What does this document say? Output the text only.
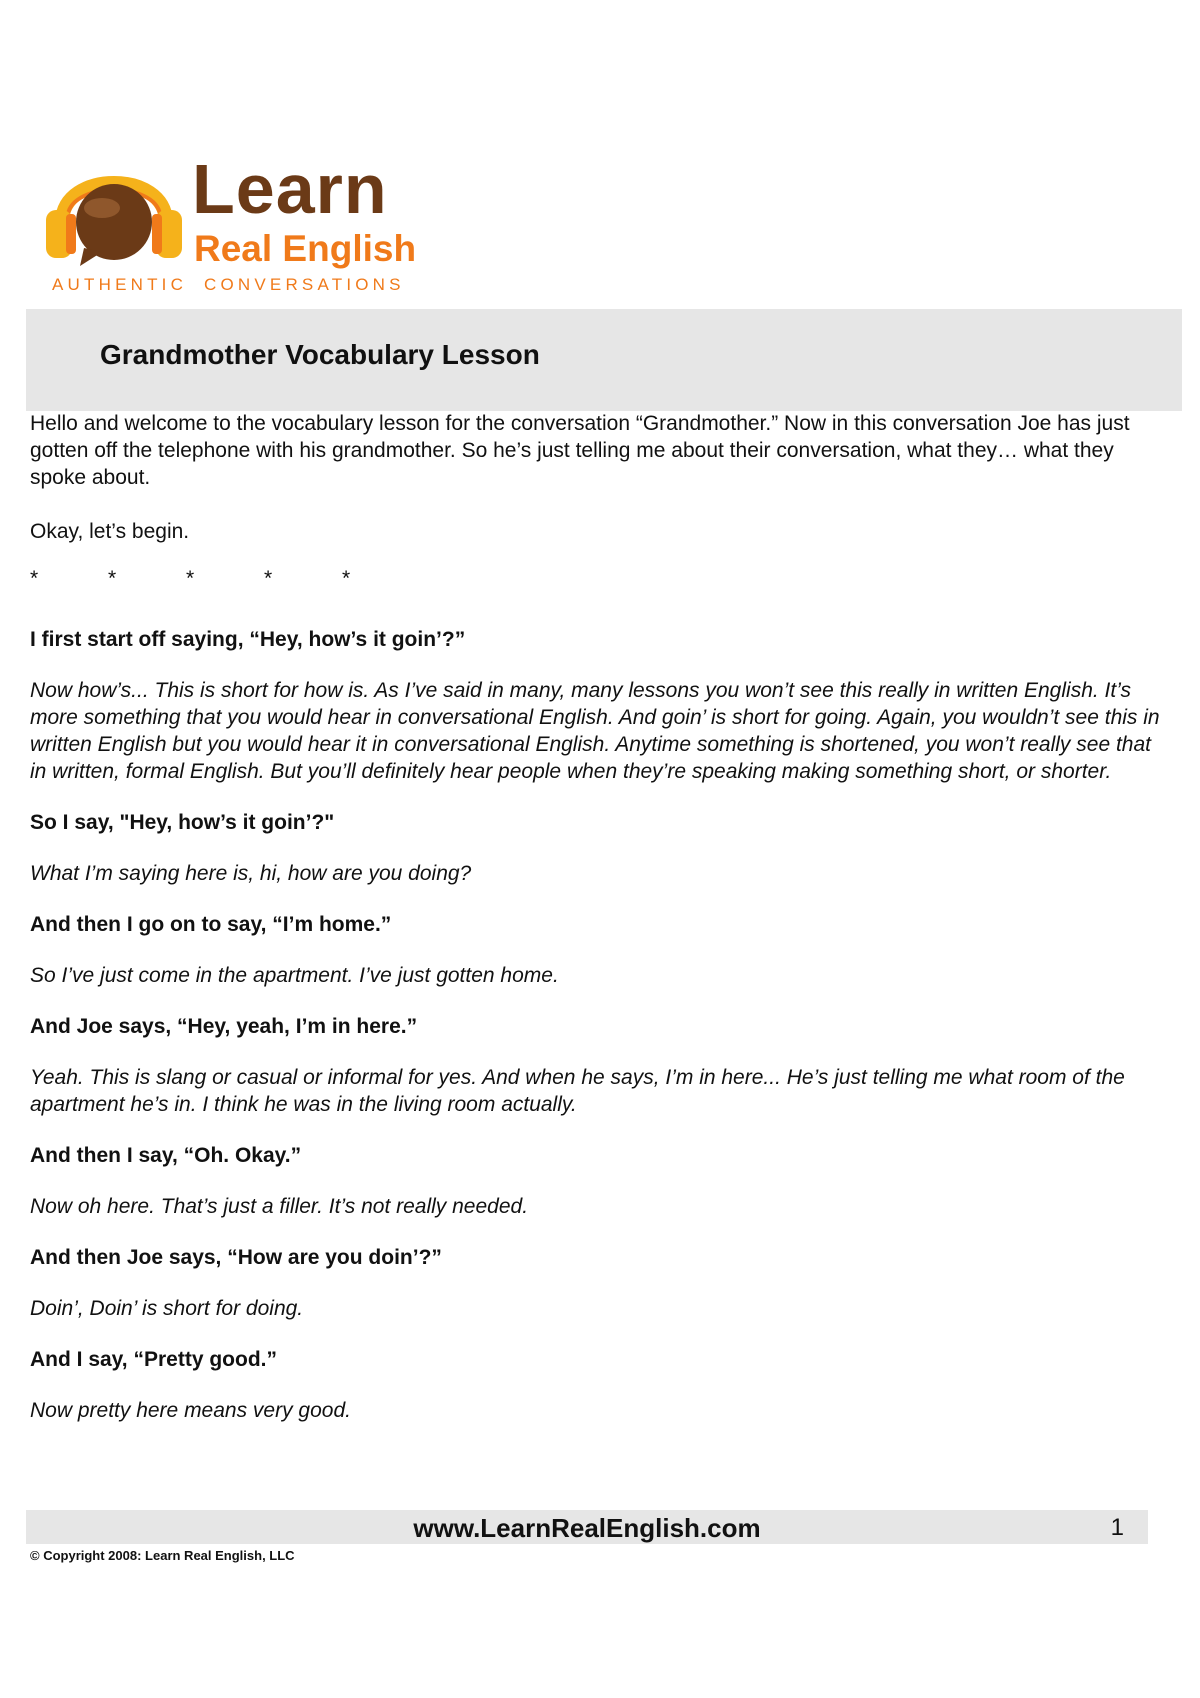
Learn
Real English
AUTHENTIC CONVERSATIONS
Grandmother Vocabulary Lesson

Hello and welcome to the vocabulary lesson for the conversation “Grandmother.” Now in this conversation Joe has just gotten off the telephone with his grandmother. So he’s just telling me about their conversation, what they… what they spoke about.

Okay, let’s begin.

* * * * *

I first start off saying, “Hey, how’s it goin’?”

Now how’s... This is short for how is. As I’ve said in many, many lessons you won’t see this really in written English. It’s more something that you would hear in conversational English. And goin’ is short for going. Again, you wouldn’t see this in written English but you would hear it in conversational English. Anytime something is shortened, you won’t really see that in written, formal English. But you’ll definitely hear people when they’re speaking making something short, or shorter.

So I say, "Hey, how’s it goin’?"

What I’m saying here is, hi, how are you doing?

And then I go on to say, “I’m home.”

So I’ve just come in the apartment. I’ve just gotten home.

And Joe says, “Hey, yeah, I’m in here.”

Yeah. This is slang or casual or informal for yes. And when he says, I’m in here... He’s just telling me what room of the apartment he’s in. I think he was in the living room actually.

And then I say, “Oh. Okay.”

Now oh here. That’s just a filler. It’s not really needed.

And then Joe says, “How are you doin’?”

Doin’, Doin’ is short for doing.

And I say, “Pretty good.”

Now pretty here means very good.

www.LearnRealEnglish.com	1
© Copyright 2008: Learn Real English, LLC
